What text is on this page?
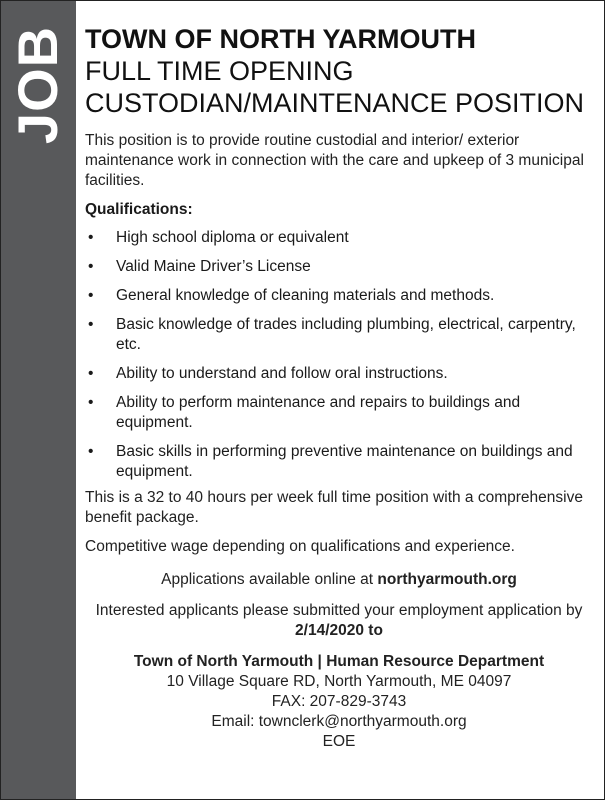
JOB TOWN OF NORTH YARMOUTH
FULL TIME OPENING
CUSTODIAN/MAINTENANCE POSITION

This position is to provide routine custodial and interior/ exterior maintenance work in connection with the care and upkeep of 3 municipal facilities.

Qualifications:
• High school diploma or equivalent
• Valid Maine Driver’s License
• General knowledge of cleaning materials and methods.
• Basic knowledge of trades including plumbing, electrical, carpentry, etc.
• Ability to understand and follow oral instructions.
• Ability to perform maintenance and repairs to buildings and equipment.
• Basic skills in performing preventive maintenance on buildings and equipment.

This is a 32 to 40 hours per week full time position with a comprehensive benefit package.

Competitive wage depending on qualifications and experience.

Applications available online at northyarmouth.org

Interested applicants please submitted your employment application by 2/14/2020 to

Town of North Yarmouth | Human Resource Department

10 Village Square RD, North Yarmouth, ME 04097

FAX: 207-829-3743

Email: townclerk@northyarmouth.org

EOE
